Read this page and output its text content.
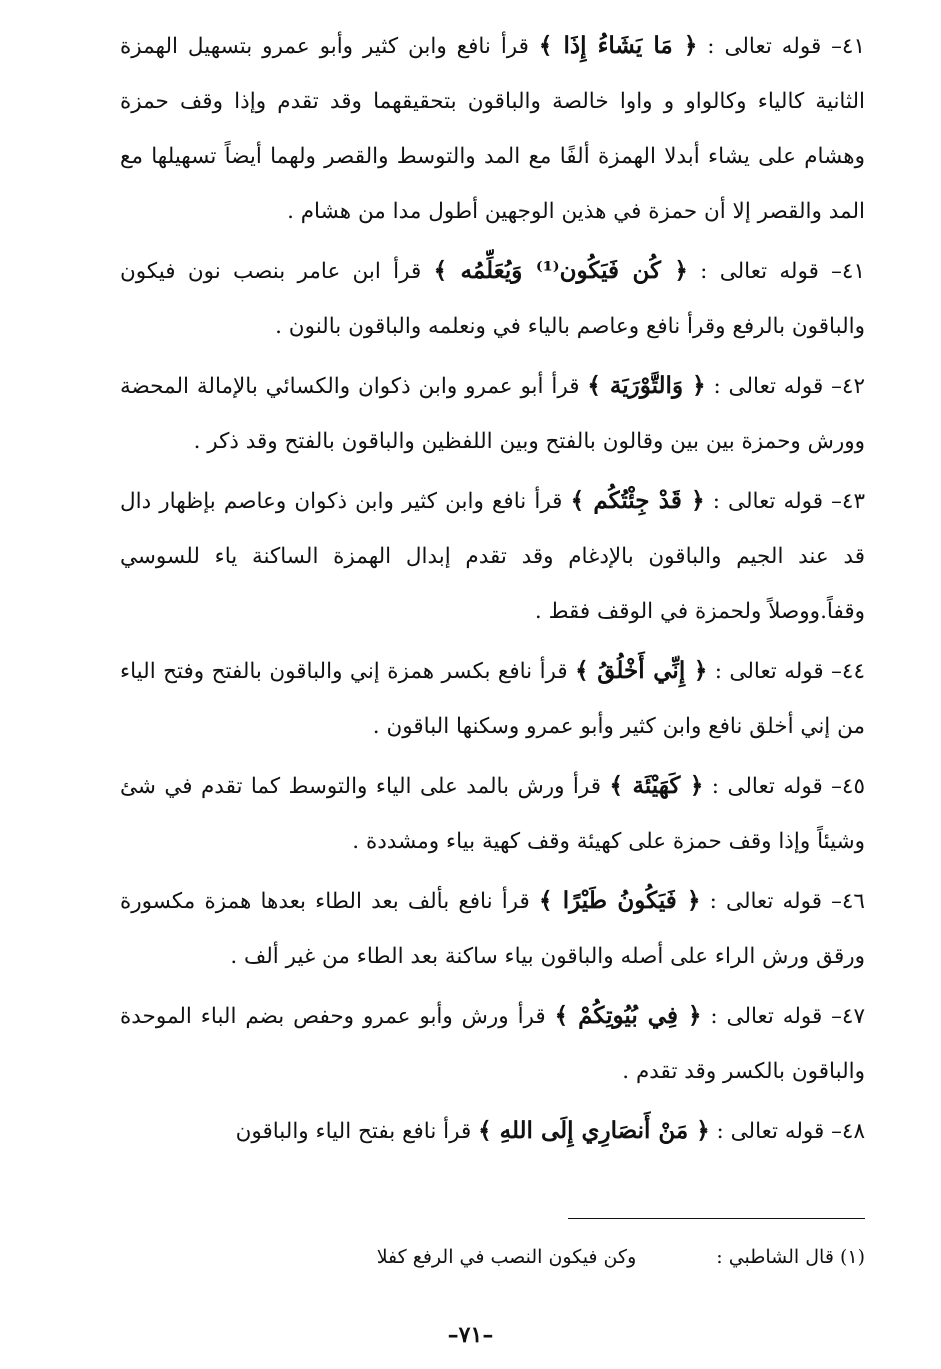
٤١– قوله تعالى : ﴿ مَا يَشَاءُ إِذَا ﴾ قرأ نافع وابن كثير وأبو عمرو بتسهيل الهمزة الثانية كالياء وكالواو و واوا خالصة والباقون بتحقيقهما وقد تقدم وإذا وقف حمزة وهشام على يشاء أبدلا الهمزة ألفًا مع المد والتوسط والقصر ولهما أيضاً تسهيلها مع المد والقصر إلا أن حمزة في هذين الوجهين أطول مدا من هشام .

٤١– قوله تعالى : ﴿ كُن فَيَكُون⁽¹⁾ وَيُعَلِّمُه ﴾ قرأ ابن عامر بنصب نون فيكون والباقون بالرفع وقرأ نافع وعاصم بالياء في ونعلمه والباقون بالنون .

٤٢– قوله تعالى : ﴿ وَالتَّوْرَيَة ﴾ قرأ أبو عمرو وابن ذكوان والكسائي بالإمالة المحضة وورش وحمزة بين بين وقالون بالفتح وبين اللفظين والباقون بالفتح وقد ذكر .

٤٣– قوله تعالى : ﴿ قَدْ جِئْتُكُم ﴾ قرأ نافع وابن كثير وابن ذكوان وعاصم بإظهار دال قد عند الجيم والباقون بالإدغام وقد تقدم إبدال الهمزة الساكنة ياء للسوسي وقفاً.ووصلاً ولحمزة في الوقف فقط .

٤٤– قوله تعالى : ﴿ إِنِّي أَخْلُقُ ﴾ قرأ نافع بكسر همزة إني والباقون بالفتح وفتح الياء من إني أخلق نافع وابن كثير وأبو عمرو وسكنها الباقون .

٤٥– قوله تعالى : ﴿ كَهَيْئَة ﴾ قرأ ورش بالمد على الياء والتوسط كما تقدم في شئ وشيئاً وإذا وقف حمزة على كهيئة وقف كهية بياء ومشددة .

٤٦– قوله تعالى : ﴿ فَيَكُونُ طَيْرًا ﴾ قرأ نافع بألف بعد الطاء بعدها همزة مكسورة ورقق ورش الراء على أصله والباقون بياء ساكنة بعد الطاء من غير ألف .

٤٧– قوله تعالى : ﴿ فِي بُيُوتِكُمْ ﴾ قرأ ورش وأبو عمرو وحفص بضم الباء الموحدة والباقون بالكسر وقد تقدم .

٤٨– قوله تعالى : ﴿ مَنْ أَنصَارِي إِلَى اللهِ ﴾ قرأ نافع بفتح الياء والباقون

(١) قال الشاطبي :وكن فيكون النصب في الرفع كفلا
–٧١–
